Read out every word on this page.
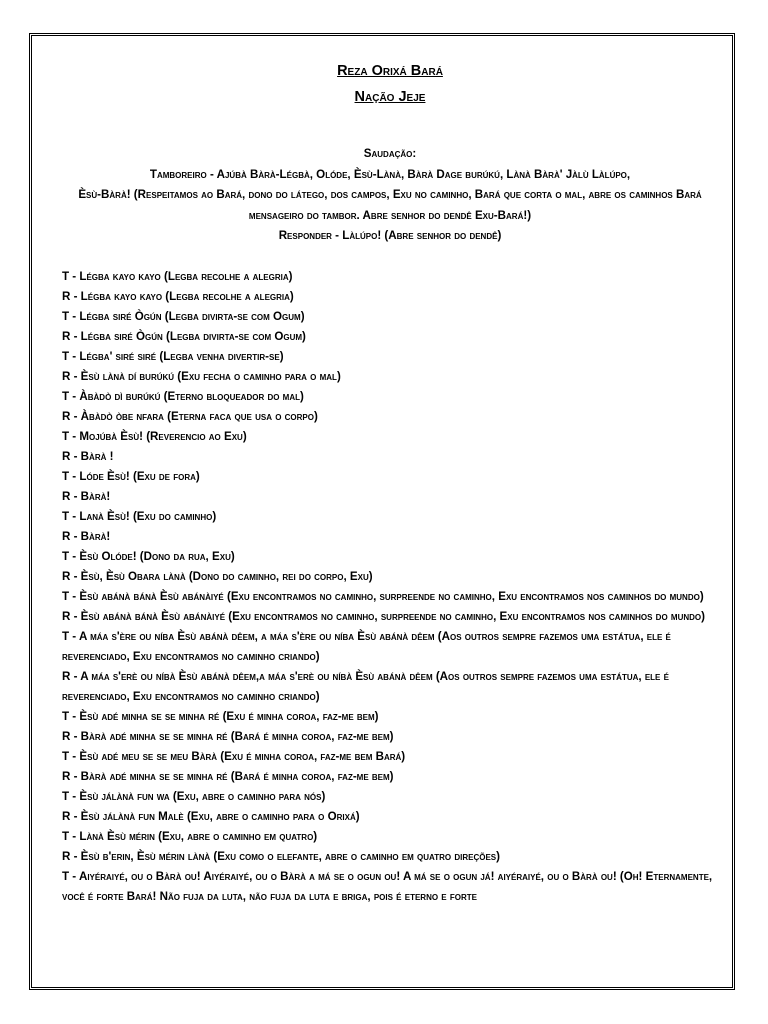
Reza Orixá Bará
Nação Jeje
Saudação:
Tamboreiro - Ajúbà Bàrà-Légbà, Olóde, Èsù-Lànà, Bàrà Dage burúkú, Lànà Bàrà' Jàlù Làlúpo,
Èsù-Bàrà! (Respeitamos ao Bará, dono do látego, dos campos, Exu no caminho, Bará que corta o mal, abre os caminhos Bará mensageiro do tambor. Abre senhor do dendê Exu-Bará!)
Responder - Làlúpo! (Abre senhor do dendê)
T - Légba kayo kayo (Legba recolhe a alegria)
R - Légba kayo kayo (Legba recolhe a alegria)
T - Légba siré Ògún (Legba divirta-se com Ogum)
R - Légba siré Ògún (Legba divirta-se com Ogum)
T - Légba' siré siré (Legba venha divertir-se)
R - Èsù lànà dí burúkú (Exu fecha o caminho para o mal)
T - Àbàdò dì burúkú (Eterno bloqueador do mal)
R - Àbàdò òbe nfara (Eterna faca que usa o corpo)
T - Mojúbà Èsù! (Reverencio ao Exu)
R - Bàrà !
T - Lóde Èsù! (Exu de fora)
R - Bàrà!
T - Lanà Èsù! (Exu do caminho)
R - Bàrà!
T - Èsù Olóde! (Dono da rua, Exu)
R - Èsù, Èsù Obara lànà (Dono do caminho, rei do corpo, Exu)
T - Èsù abánà bánà Èsù abánàiyé (Exu encontramos no caminho, surpreende no caminho, Exu encontramos nos caminhos do mundo)
R - Èsù abánà bánà Èsù abánàiyé (Exu encontramos no caminho, surpreende no caminho, Exu encontramos nos caminhos do mundo)
T - A máa s'ère ou níba Èsù abánà dêem, a máa s'ère ou níba Èsù abánà dêem (Aos outros sempre fazemos uma estátua, ele é reverenciado, Exu encontramos no caminho criando)
R - A máa s'erè ou níbà Èsù abánà dêem,a máa s'erè ou níbà Èsù abánà dêem (Aos outros sempre fazemos uma estátua, ele é reverenciado, Exu encontramos no caminho criando)
T - Èsù adé minha se se minha ré (Exu é minha coroa, faz-me bem)
R - Bàrà adé minha se se minha ré (Bará é minha coroa, faz-me bem)
T - Èsù adé meu se se meu Bàrà (Exu é minha coroa, faz-me bem Bará)
R - Bàrà adé minha se se minha ré (Bará é minha coroa, faz-me bem)
T - Èsù jálànà fun wa (Exu, abre o caminho para nós)
R - Èsù jálànà fun Malè (Exu, abre o caminho para o Orixá)
T - Lànà Èsù mérin (Exu, abre o caminho em quatro)
R - Èsù b'erin, Èsù mérin lànà (Exu como o elefante, abre o caminho em quatro direções)
T - Aiyéraiyé, ou o Bàrà ou! Aiyéraiyé, ou o Bàrà a má se o ogun ou! A má se o ogun já! aiyéraiyé, ou o Bàrà ou! (Oh! Eternamente, você é forte Bará! Não fuja da luta, não fuja da luta e briga, pois é eterno e forte
